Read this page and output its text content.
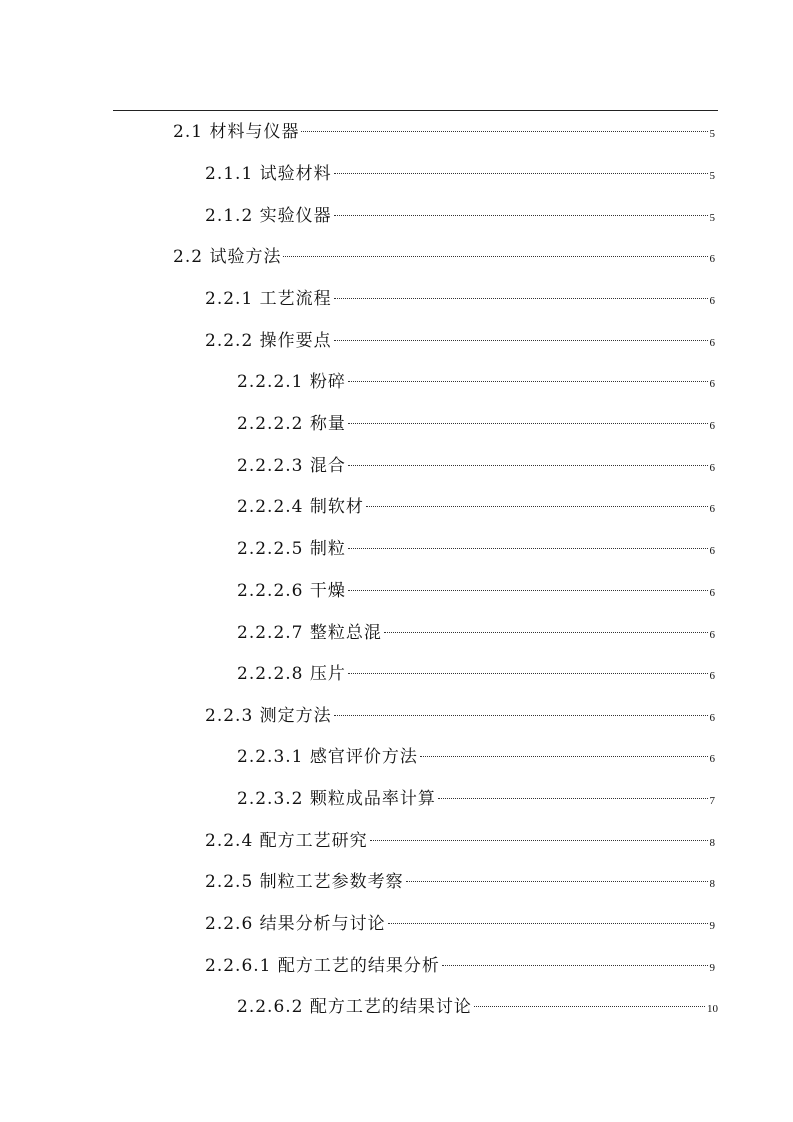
2.1 材料与仪器	5
2.1.1 试验材料	5
2.1.2 实验仪器	5
2.2 试验方法	6
2.2.1 工艺流程	6
2.2.2 操作要点	6
2.2.2.1 粉碎	6
2.2.2.2 称量	6
2.2.2.3 混合	6
2.2.2.4 制软材	6
2.2.2.5 制粒	6
2.2.2.6 干燥	6
2.2.2.7 整粒总混	6
2.2.2.8 压片	6
2.2.3 测定方法	6
2.2.3.1 感官评价方法	6
2.2.3.2 颗粒成品率计算	7
2.2.4 配方工艺研究	8
2.2.5 制粒工艺参数考察	8
2.2.6 结果分析与讨论	9
2.2.6.1 配方工艺的结果分析	9
2.2.6.2 配方工艺的结果讨论	10
